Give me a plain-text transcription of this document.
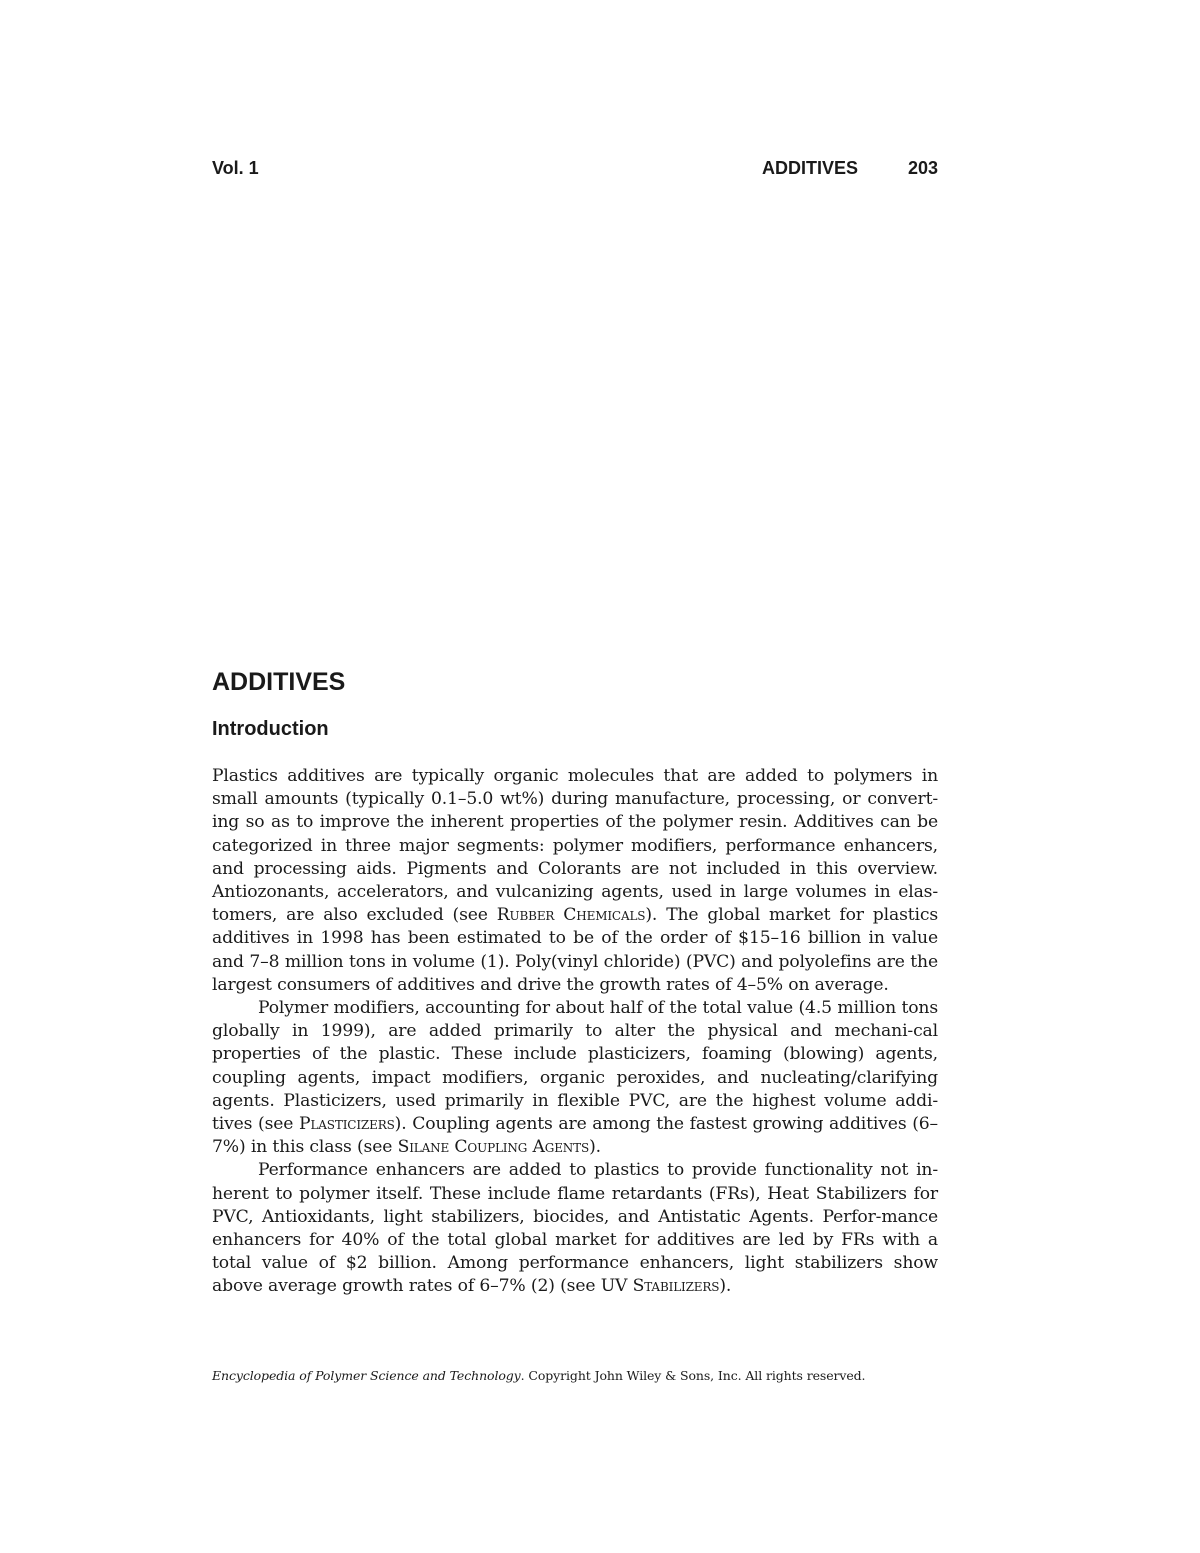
Vol. 1	ADDITIVES	203
ADDITIVES
Introduction

Plastics additives are typically organic molecules that are added to polymers in small amounts (typically 0.1–5.0 wt%) during manufacture, processing, or convert-ing so as to improve the inherent properties of the polymer resin. Additives can be categorized in three major segments: polymer modifiers, performance enhancers, and processing aids. Pigments and Colorants are not included in this overview. Antiozonants, accelerators, and vulcanizing agents, used in large volumes in elas-tomers, are also excluded (see Rubber Chemicals). The global market for plastics additives in 1998 has been estimated to be of the order of $15–16 billion in value and 7–8 million tons in volume (1). Poly(vinyl chloride) (PVC) and polyolefins are the largest consumers of additives and drive the growth rates of 4–5% on average.

Polymer modifiers, accounting for about half of the total value (4.5 million tons globally in 1999), are added primarily to alter the physical and mechani-cal properties of the plastic. These include plasticizers, foaming (blowing) agents, coupling agents, impact modifiers, organic peroxides, and nucleating/clarifying agents. Plasticizers, used primarily in flexible PVC, are the highest volume addi-tives (see Plasticizers). Coupling agents are among the fastest growing additives (6–7%) in this class (see Silane Coupling Agents).

Performance enhancers are added to plastics to provide functionality not in-herent to polymer itself. These include flame retardants (FRs), Heat Stabilizers for PVC, Antioxidants, light stabilizers, biocides, and Antistatic Agents. Perfor-mance enhancers for 40% of the total global market for additives are led by FRs with a total value of $2 billion. Among performance enhancers, light stabilizers show above average growth rates of 6–7% (2) (see UV Stabilizers).

Encyclopedia of Polymer Science and Technology. Copyright John Wiley & Sons, Inc. All rights reserved.
